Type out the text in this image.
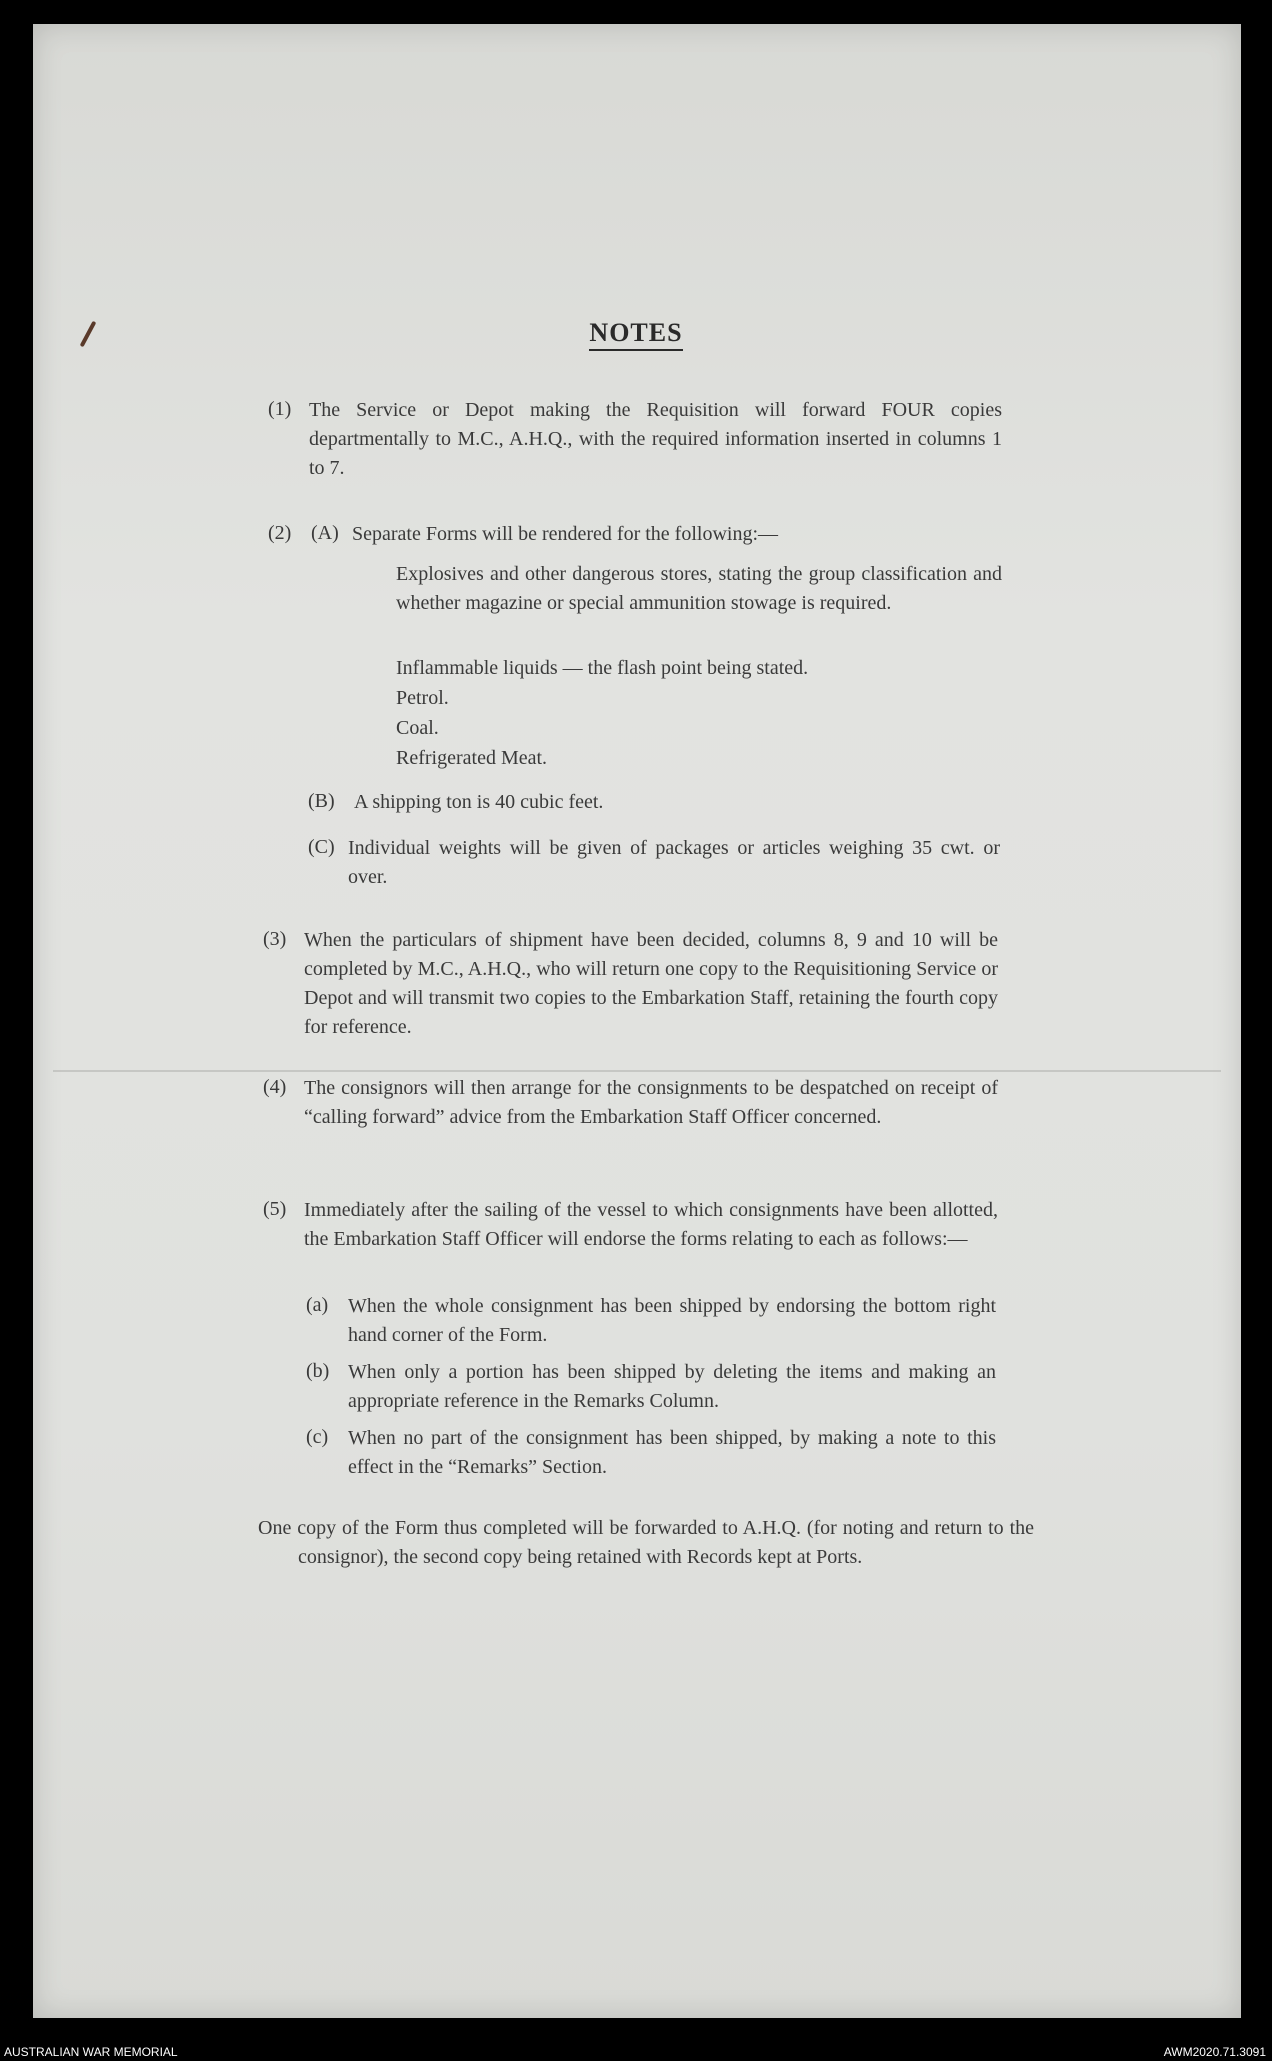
NOTES
(1) The Service or Depot making the Requisition will forward FOUR copies departmentally to M.C., A.H.Q., with the required information inserted in columns 1 to 7.
(2) (A) Separate Forms will be rendered for the following:—
Explosives and other dangerous stores, stating the group classification and whether magazine or special ammunition stowage is required.
Inflammable liquids — the flash point being stated.
Petrol.
Coal.
Refrigerated Meat.
(B) A shipping ton is 40 cubic feet.
(C) Individual weights will be given of packages or articles weighing 35 cwt. or over.
(3) When the particulars of shipment have been decided, columns 8, 9 and 10 will be completed by M.C., A.H.Q., who will return one copy to the Requisitioning Service or Depot and will transmit two copies to the Embarkation Staff, retaining the fourth copy for reference.
(4) The consignors will then arrange for the consignments to be despatched on receipt of “calling forward” advice from the Embarkation Staff Officer concerned.
(5) Immediately after the sailing of the vessel to which consignments have been allotted, the Embarkation Staff Officer will endorse the forms relating to each as follows:—
(a) When the whole consignment has been shipped by endorsing the bottom right hand corner of the Form.
(b) When only a portion has been shipped by deleting the items and making an appropriate reference in the Remarks Column.
(c) When no part of the consignment has been shipped, by making a note to this effect in the “Remarks” Section.
One copy of the Form thus completed will be forwarded to A.H.Q. (for noting and return to the consignor), the second copy being retained with Records kept at Ports.
AUSTRALIAN WAR MEMORIAL	AWM2020.71.3091
